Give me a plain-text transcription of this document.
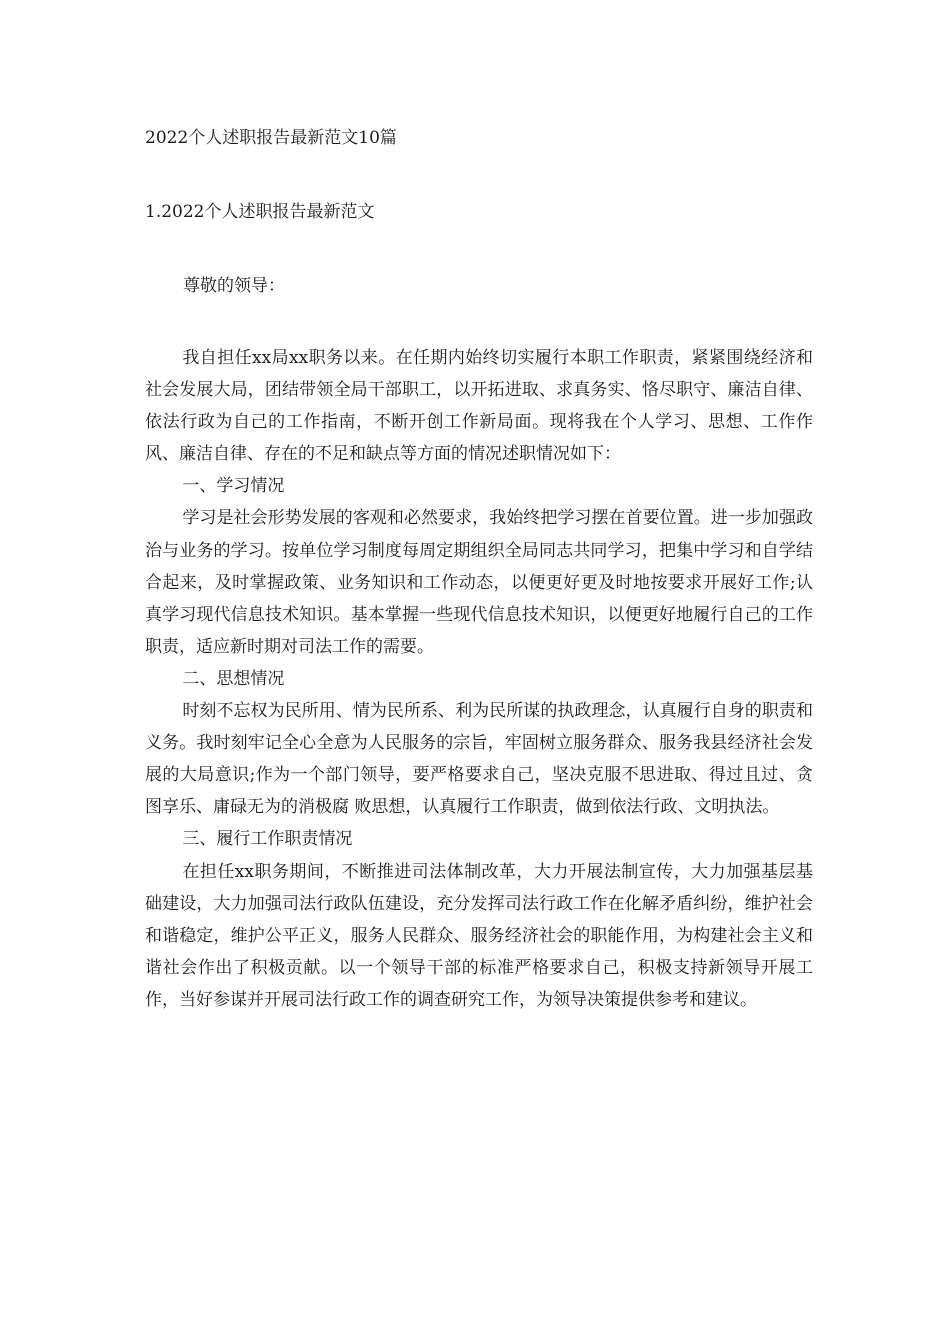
2022个人述职报告最新范文10篇
1.2022个人述职报告最新范文
尊敬的领导：

我自担任xx局xx职务以来。在任期内始终切实履行本职工作职责，紧紧围绕经济和社会发展大局，团结带领全局干部职工，以开拓进取、求真务实、恪尽职守、廉洁自律、依法行政为自己的工作指南，不断开创工作新局面。现将我在个人学习、思想、工作作风、廉洁自律、存在的不足和缺点等方面的情况述职情况如下：

一、学习情况

学习是社会形势发展的客观和必然要求，我始终把学习摆在首要位置。进一步加强政治与业务的学习。按单位学习制度每周定期组织全局同志共同学习，把集中学习和自学结合起来，及时掌握政策、业务知识和工作动态，以便更好更及时地按要求开展好工作;认真学习现代信息技术知识。基本掌握一些现代信息技术知识，以便更好地履行自己的工作职责，适应新时期对司法工作的需要。

二、思想情况

时刻不忘权为民所用、情为民所系、利为民所谋的执政理念，认真履行自身的职责和义务。我时刻牢记全心全意为人民服务的宗旨，牢固树立服务群众、服务我县经济社会发展的大局意识;作为一个部门领导，要严格要求自己，坚决克服不思进取、得过且过、贪图享乐、庸碌无为的消极腐 败思想，认真履行工作职责，做到依法行政、文明执法。

三、履行工作职责情况

在担任xx职务期间，不断推进司法体制改革，大力开展法制宣传，大力加强基层基础建设，大力加强司法行政队伍建设，充分发挥司法行政工作在化解矛盾纠纷，维护社会和谐稳定，维护公平正义，服务人民群众、服务经济社会的职能作用，为构建社会主义和谐社会作出了积极贡献。以一个领导干部的标准严格要求自己，积极支持新领导开展工作，当好参谋并开展司法行政工作的调查研究工作，为领导决策提供参考和建议。
